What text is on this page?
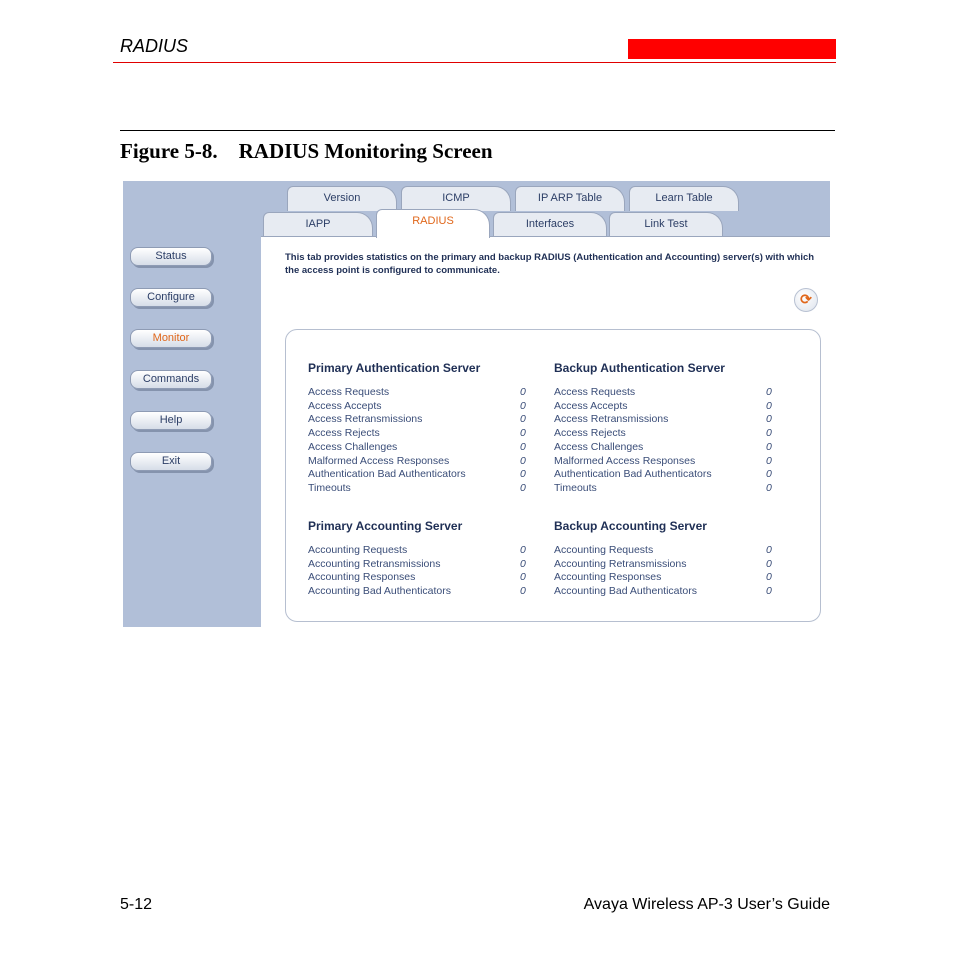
RADIUS
Figure 5-8. RADIUS Monitoring Screen
Status
Configure
Monitor
Commands
Help
Exit
Version	ICMP	IP ARP Table	Learn Table
IAPP	RADIUS	Interfaces	Link Test
This tab provides statistics on the primary and backup RADIUS (Authentication and Accounting) server(s) with which the access point is configured to communicate.
⟳
Primary Authentication Server
Access Requests	0
Access Accepts	0
Access Retransmissions	0
Access Rejects	0
Access Challenges	0
Malformed Access Responses	0
Authentication Bad Authenticators	0
Timeouts	0
Backup Authentication Server
Access Requests	0
Access Accepts	0
Access Retransmissions	0
Access Rejects	0
Access Challenges	0
Malformed Access Responses	0
Authentication Bad Authenticators	0
Timeouts	0
Primary Accounting Server
Accounting Requests	0
Accounting Retransmissions	0
Accounting Responses	0
Accounting Bad Authenticators	0
Backup Accounting Server
Accounting Requests	0
Accounting Retransmissions	0
Accounting Responses	0
Accounting Bad Authenticators	0
5-12	Avaya Wireless AP-3 User’s Guide
